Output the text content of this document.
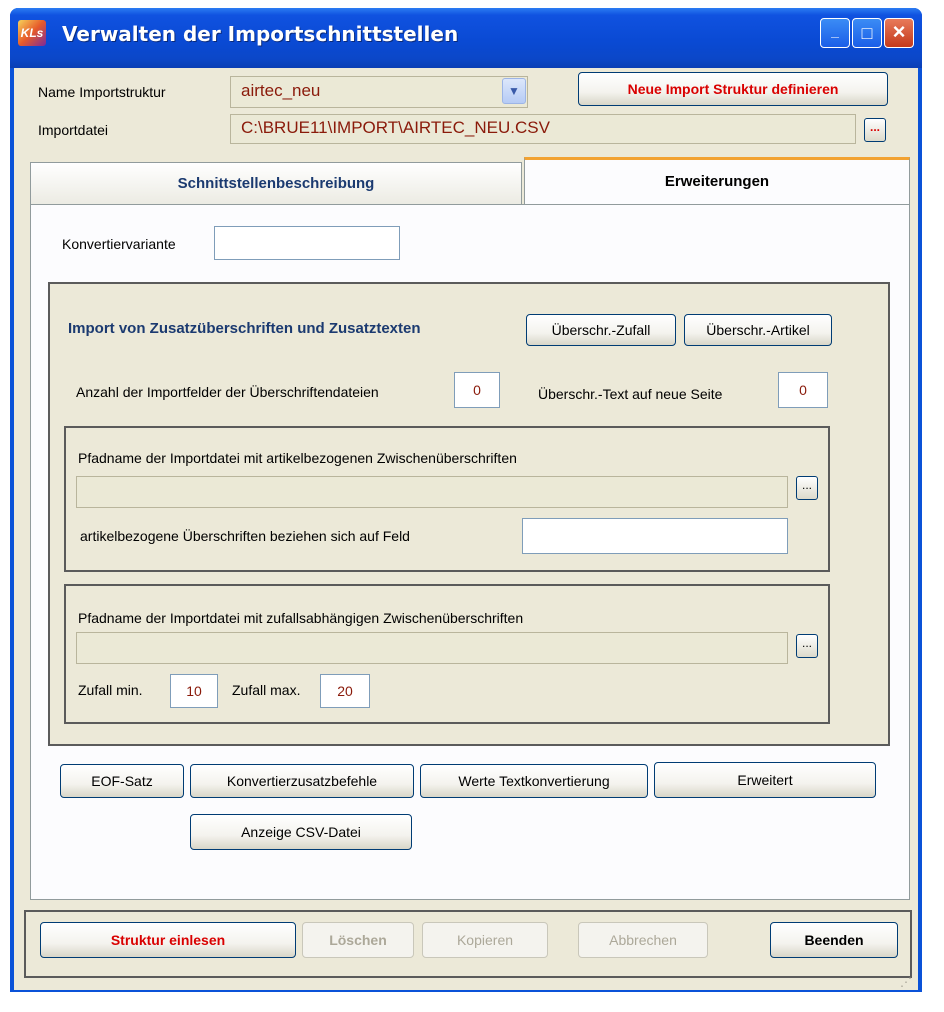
KLs Verwalten der Importschnittstellen	_	□ ×
Name Importstruktur	airtec_neu	▼	Neue Import Struktur definieren
Importdatei	C:\BRUE11\IMPORT\AIRTEC_NEU.CSV	...
Schnittstellenbeschreibung	Erweiterungen
Konvertiervariante
Import von Zusatzüberschriften und Zusatztexten	Überschr.-Zufall	Überschr.-Artikel
Anzahl der Importfelder der Überschriftendateien	0	Überschr.-Text auf neue Seite	0
Pfadname der Importdatei mit artikelbezogenen Zwischenüberschriften
...
artikelbezogene Überschriften beziehen sich auf Feld
Pfadname der Importdatei mit zufallsabhängigen Zwischenüberschriften
...
Zufall min.	10	Zufall max.	20
EOF-Satz	Konvertierzusatzbefehle	Werte Textkonvertierung	Erweitert
Anzeige CSV-Datei
Struktur einlesen	Löschen	Kopieren	Abbrechen	Beenden
⋰
